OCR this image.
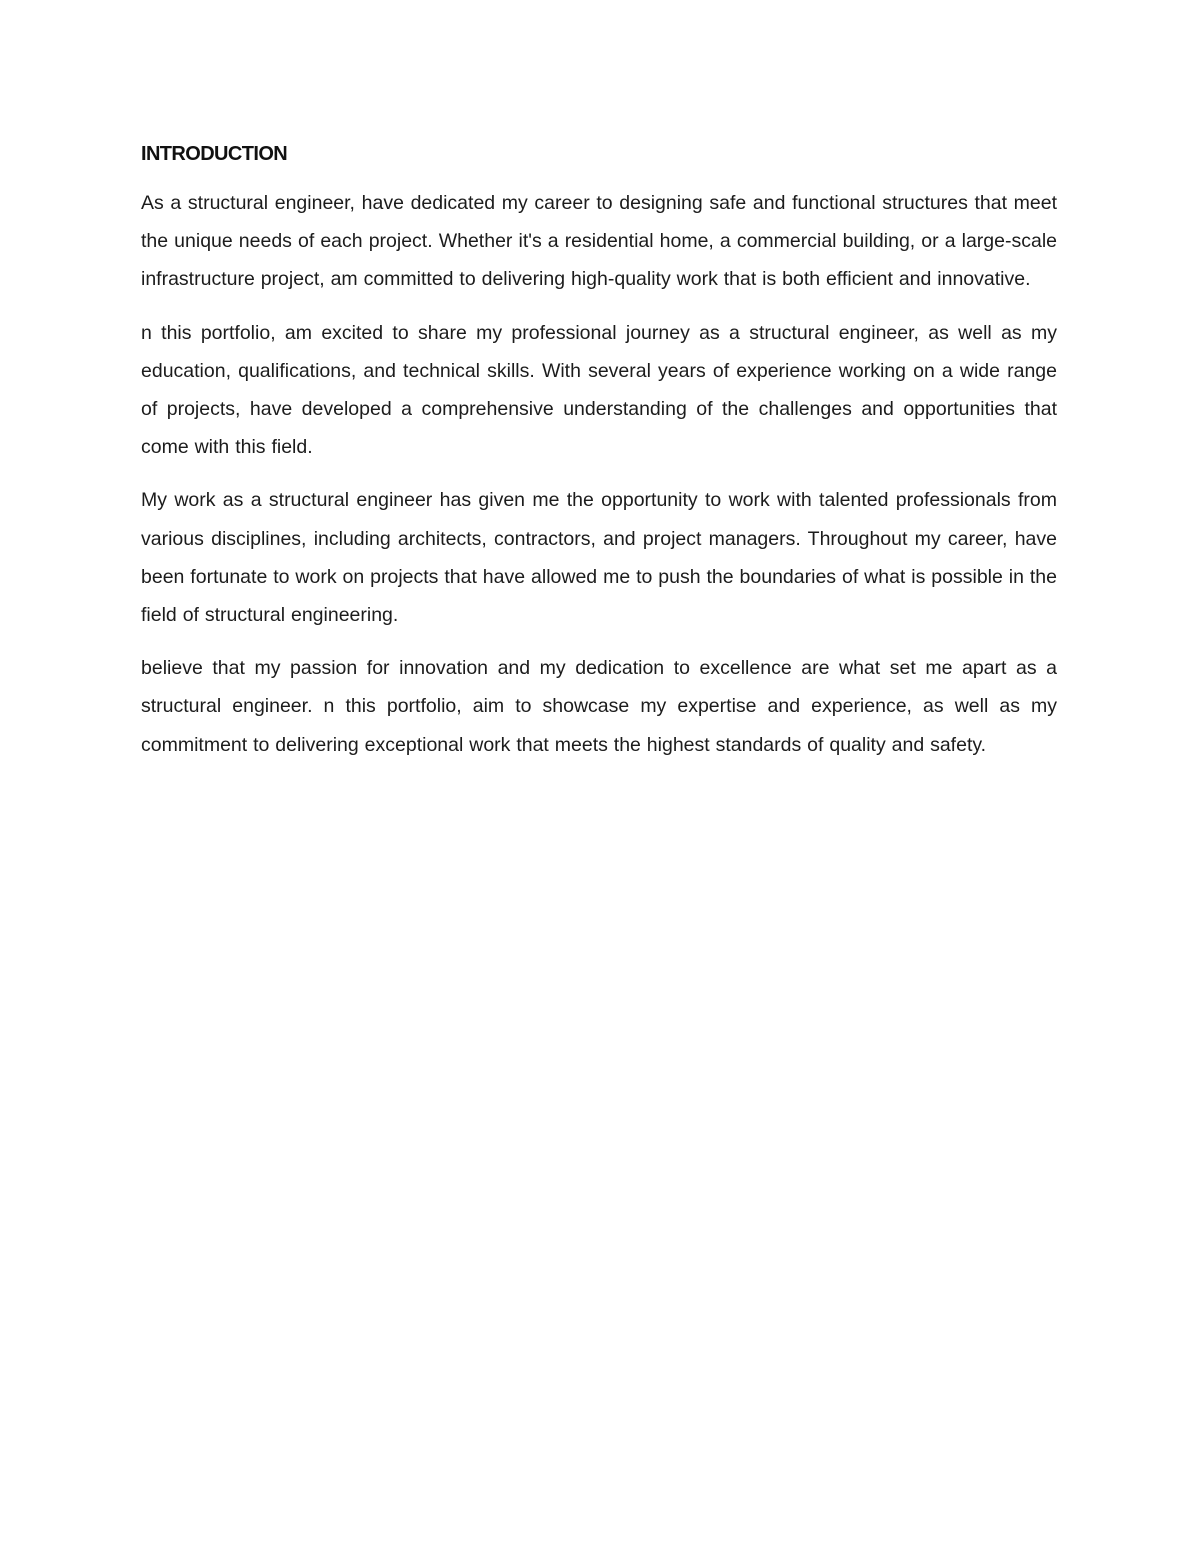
INTRODUCTION

As a structural engineer, have dedicated my career to designing safe and functional structures that meet the unique needs of each project. Whether it's a residential home, a commercial building, or a large-scale infrastructure project, am committed to delivering high-quality work that is both efficient and innovative.

n this portfolio, am excited to share my professional journey as a structural engineer, as well as my education, qualifications, and technical skills. With several years of experience working on a wide range of projects, have developed a comprehensive understanding of the challenges and opportunities that come with this field.

My work as a structural engineer has given me the opportunity to work with talented professionals from various disciplines, including architects, contractors, and project managers. Throughout my career, have been fortunate to work on projects that have allowed me to push the boundaries of what is possible in the field of structural engineering.

believe that my passion for innovation and my dedication to excellence are what set me apart as a structural engineer. n this portfolio, aim to showcase my expertise and experience, as well as my commitment to delivering exceptional work that meets the highest standards of quality and safety.
